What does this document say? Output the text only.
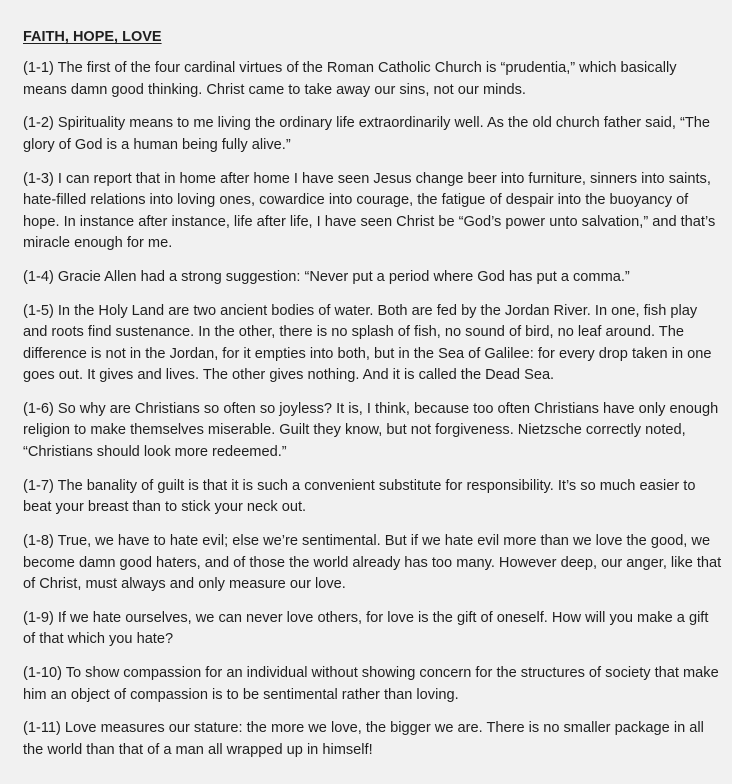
FAITH, HOPE, LOVE

(1-1) The first of the four cardinal virtues of the Roman Catholic Church is “prudentia,” which basically means damn good thinking. Christ came to take away our sins, not our minds.

(1-2) Spirituality means to me living the ordinary life extraordinarily well. As the old church father said, “The glory of God is a human being fully alive.”

(1-3) I can report that in home after home I have seen Jesus change beer into furniture, sinners into saints, hate-filled relations into loving ones, cowardice into courage, the fatigue of despair into the buoyancy of hope. In instance after instance, life after life, I have seen Christ be “God’s power unto salvation,” and that’s miracle enough for me.

(1-4) Gracie Allen had a strong suggestion: “Never put a period where God has put a comma.”

(1-5) In the Holy Land are two ancient bodies of water. Both are fed by the Jordan River. In one, fish play and roots find sustenance. In the other, there is no splash of fish, no sound of bird, no leaf around. The difference is not in the Jordan, for it empties into both, but in the Sea of Galilee: for every drop taken in one goes out. It gives and lives. The other gives nothing. And it is called the Dead Sea.

(1-6) So why are Christians so often so joyless? It is, I think, because too often Christians have only enough religion to make themselves miserable. Guilt they know, but not forgiveness. Nietzsche correctly noted, “Christians should look more redeemed.”

(1-7) The banality of guilt is that it is such a convenient substitute for responsibility. It’s so much easier to beat your breast than to stick your neck out.

(1-8) True, we have to hate evil; else we’re sentimental. But if we hate evil more than we love the good, we become damn good haters, and of those the world already has too many. However deep, our anger, like that of Christ, must always and only measure our love.

(1-9) If we hate ourselves, we can never love others, for love is the gift of oneself. How will you make a gift of that which you hate?

(1-10) To show compassion for an individual without showing concern for the structures of society that make him an object of compassion is to be sentimental rather than loving.

(1-11) Love measures our stature: the more we love, the bigger we are. There is no smaller package in all the world than that of a man all wrapped up in himself!
